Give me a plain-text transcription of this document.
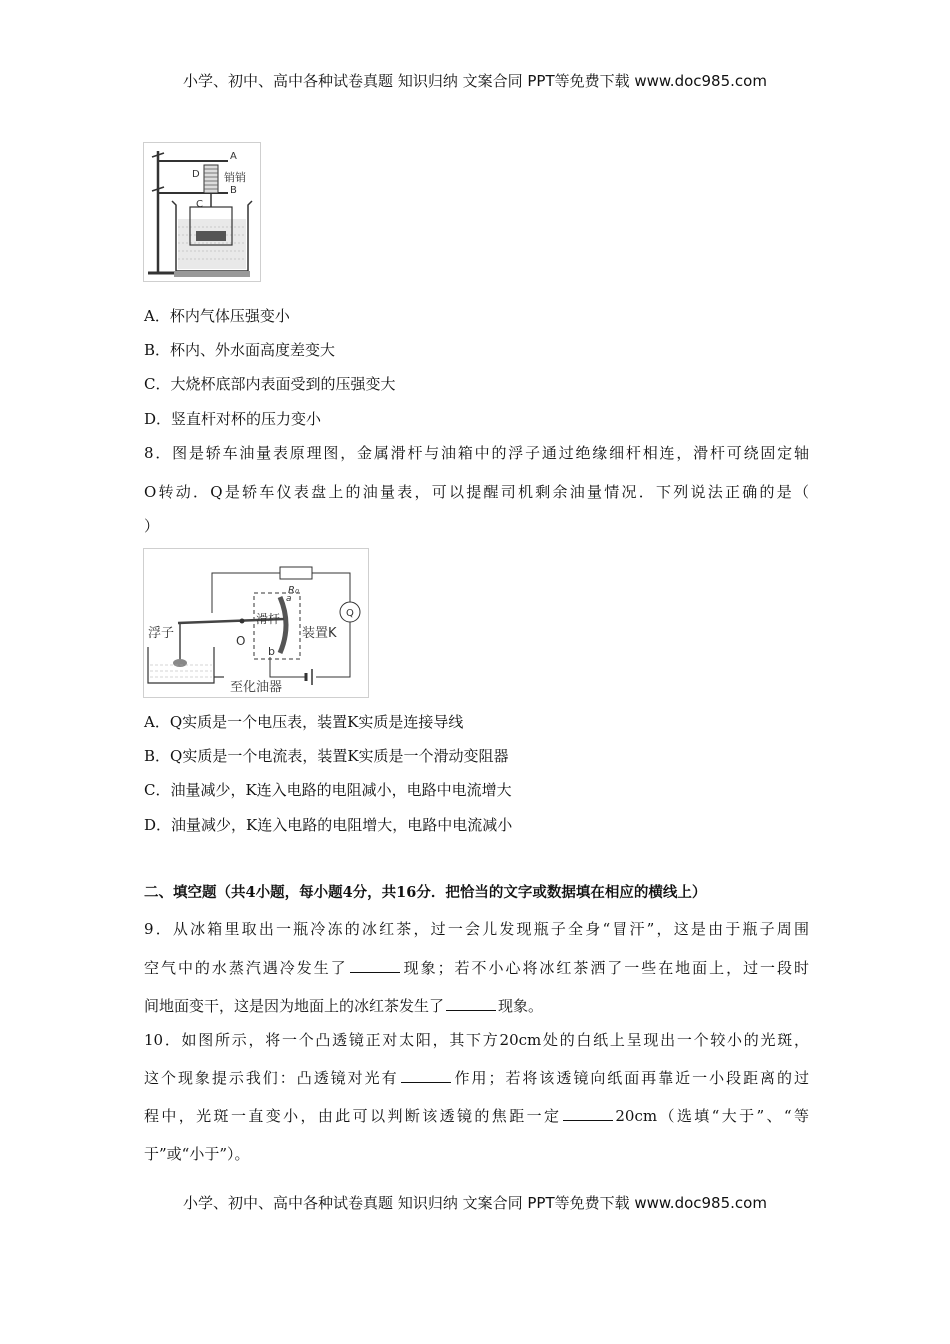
小学、初中、高中各种试卷真题 知识归纳 文案合同 PPT等免费下载 www.doc985.com
A
B
D
C
销销
A．杯内气体压强变小
B．杯内、外水面高度差变大
C．大烧杯底部内表面受到的压强变大
D．竖直杆对杯的压力变小
8．图是轿车油量表原理图，金属滑杆与油箱中的浮子通过绝缘细杆相连，滑杆可绕固定轴
O转动．Q是轿车仪表盘上的油量表，可以提醒司机剩余油量情况．下列说法正确的是（
）
R₀
Q
浮子	O
滑杆
a
b
装置K
至化油器
A．Q实质是一个电压表，装置K实质是连接导线
B．Q实质是一个电流表，装置K实质是一个滑动变阻器
C．油量减少，K连入电路的电阻减小，电路中电流增大
D．油量减少，K连入电路的电阻增大，电路中电流减小
二、填空题（共4小题，每小题4分，共16分．把恰当的文字或数据填在相应的横线上）
9．从冰箱里取出一瓶冷冻的冰红茶，过一会儿发现瓶子全身“冒汗”，这是由于瓶子周围
空气中的水蒸汽遇冷发生了	现象；若不小心将冰红茶洒了一些在地面上，过一段时
间地面变干，这是因为地面上的冰红茶发生了	现象。
10．如图所示，将一个凸透镜正对太阳，其下方20cm处的白纸上呈现出一个较小的光斑，
这个现象提示我们：凸透镜对光有	作用；若将该透镜向纸面再靠近一小段距离的过
程中，光斑一直变小，由此可以判断该透镜的焦距一定	20cm（选填“大于”、“等
于”或“小于”）。
小学、初中、高中各种试卷真题 知识归纳 文案合同 PPT等免费下载 www.doc985.com
